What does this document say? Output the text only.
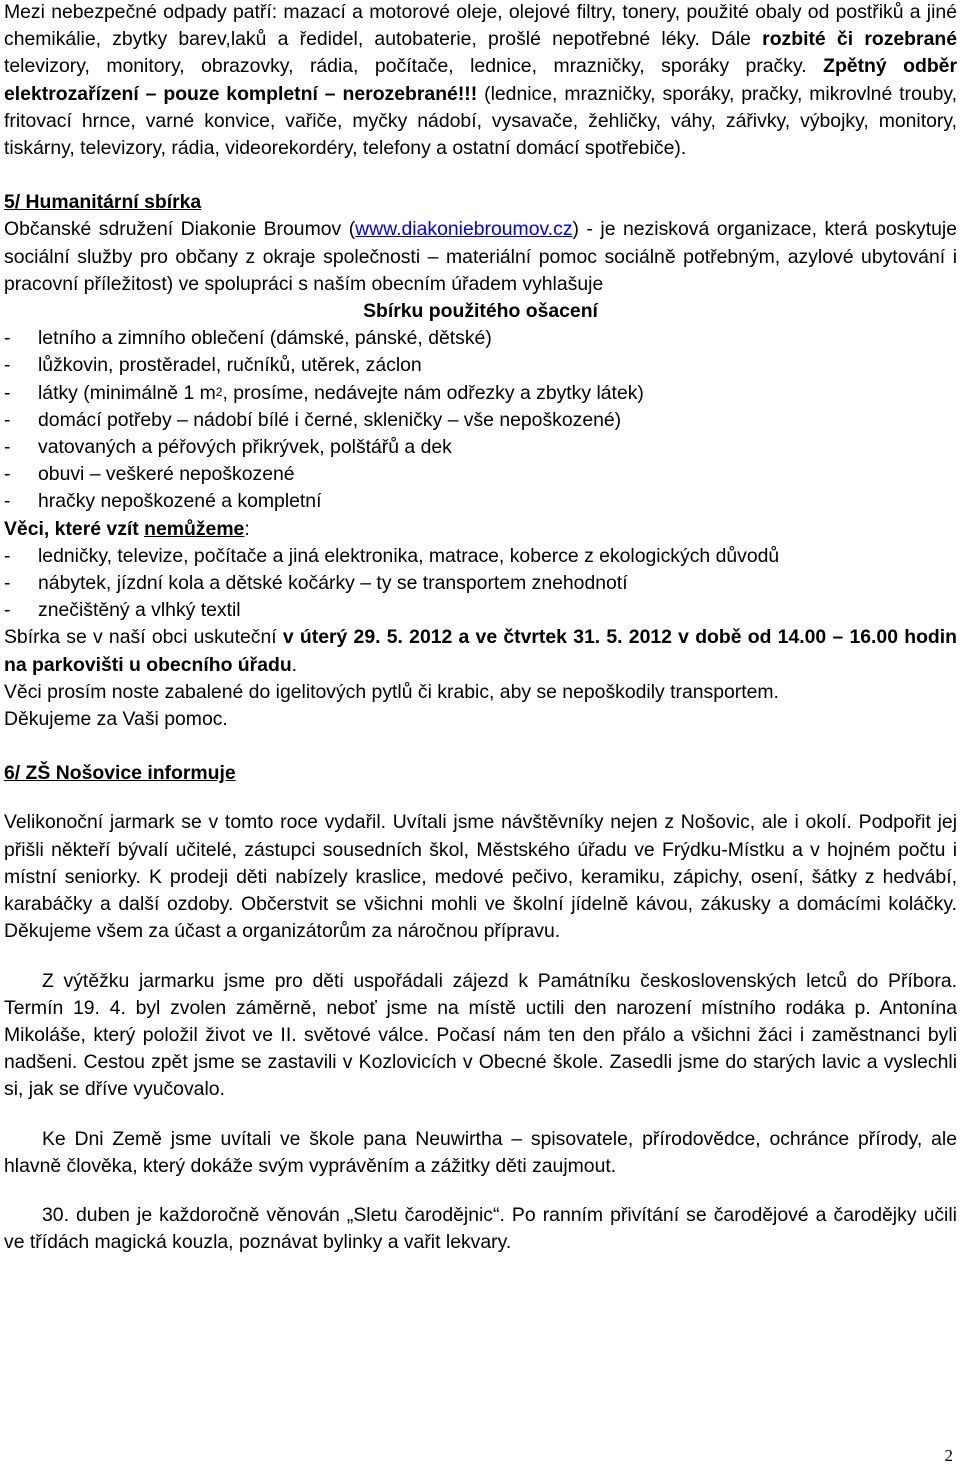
Mezi nebezpečné odpady patří: mazací a motorové oleje, olejové filtry, tonery, použité obaly od postřiků a jiné chemikálie, zbytky barev,laků a ředidel, autobaterie, prošlé nepotřebné léky. Dále rozbité či rozebrané televizory, monitory, obrazovky, rádia, počítače, lednice, mrazničky, sporáky pračky. Zpětný odběr elektrozařízení – pouze kompletní – nerozebrané!!! (lednice, mrazničky, sporáky, pračky, mikrovlné trouby, fritovací hrnce, varné konvice, vařiče, myčky nádobí, vysavače, žehličky, váhy, zářivky, výbojky, monitory, tiskárny, televizory, rádia, videorekordéry, telefony a ostatní domácí spotřebiče).

5/ Humanitární sbírka

Občanské sdružení Diakonie Broumov (www.diakoniebroumov.cz) - je nezisková organizace, která poskytuje sociální služby pro občany z okraje společnosti – materiální pomoc sociálně potřebným, azylové ubytování i pracovní příležitost) ve spolupráci s naším obecním úřadem vyhlašuje

Sbírku použitého ošacení

-	letního a zimního oblečení (dámské, pánské, dětské)

-	lůžkovin, prostěradel, ručníků, utěrek, záclon

-	látky (minimálně 1 $m^2$, prosíme, nedávejte nám odřezky a zbytky látek)

-	domácí potřeby – nádobí bílé i černé, skleničky – vše nepoškozené)

-	vatovaných a péřových přikrývek, polštářů a dek

-	obuvi – veškeré nepoškozené

-	hračky nepoškozené a kompletní

Věci, které vzít nemůžeme:

-	ledničky, televize, počítače a jiná elektronika, matrace, koberce z ekologických důvodů

-	nábytek, jízdní kola a dětské kočárky – ty se transportem znehodnotí

-	znečištěný a vlhký textil

Sbírka se v naší obci uskuteční v úterý 29. 5. 2012 a ve čtvrtek 31. 5. 2012 v době od 14.00 – 16.00 hodin na parkovišti u obecního úřadu.

Věci prosím noste zabalené do igelitových pytlů či krabic, aby se nepoškodily transportem.

Děkujeme za Vaši pomoc.

6/ ZŠ Nošovice informuje

Velikonoční jarmark se v tomto roce vydařil. Uvítali jsme návštěvníky nejen z Nošovic, ale i okolí. Podpořit jej přišli někteří bývalí učitelé, zástupci sousedních škol, Městského úřadu ve Frýdku-Místku a v hojném počtu i místní seniorky. K prodeji děti nabízely kraslice, medové pečivo, keramiku, zápichy, osení, šátky z hedvábí, karabáčky a další ozdoby. Občerstvit se všichni mohli ve školní jídelně kávou, zákusky a domácími koláčky. Děkujeme všem za účast a organizátorům za náročnou přípravu.

Z výtěžku jarmarku jsme pro děti uspořádali zájezd k Památníku československých letců do Příbora. Termín 19. 4. byl zvolen záměrně, neboť jsme na místě uctili den narození místního rodáka p. Antonína Mikoláše, který položil život ve II. světové válce. Počasí nám ten den přálo a všichni žáci i zaměstnanci byli nadšeni. Cestou zpět jsme se zastavili v Kozlovicích v Obecné škole. Zasedli jsme do starých lavic a vyslechli si, jak se dříve vyučovalo.

Ke Dni Země jsme uvítali ve škole pana Neuwirtha – spisovatele, přírodovědce, ochránce přírody, ale hlavně člověka, který dokáže svým vyprávěním a zážitky děti zaujmout.

30. duben je každoročně věnován „Sletu čarodějnic“. Po ranním přivítání se čarodějové a čarodějky učili ve třídách magická kouzla, poznávat bylinky a vařit lekvary.

2
